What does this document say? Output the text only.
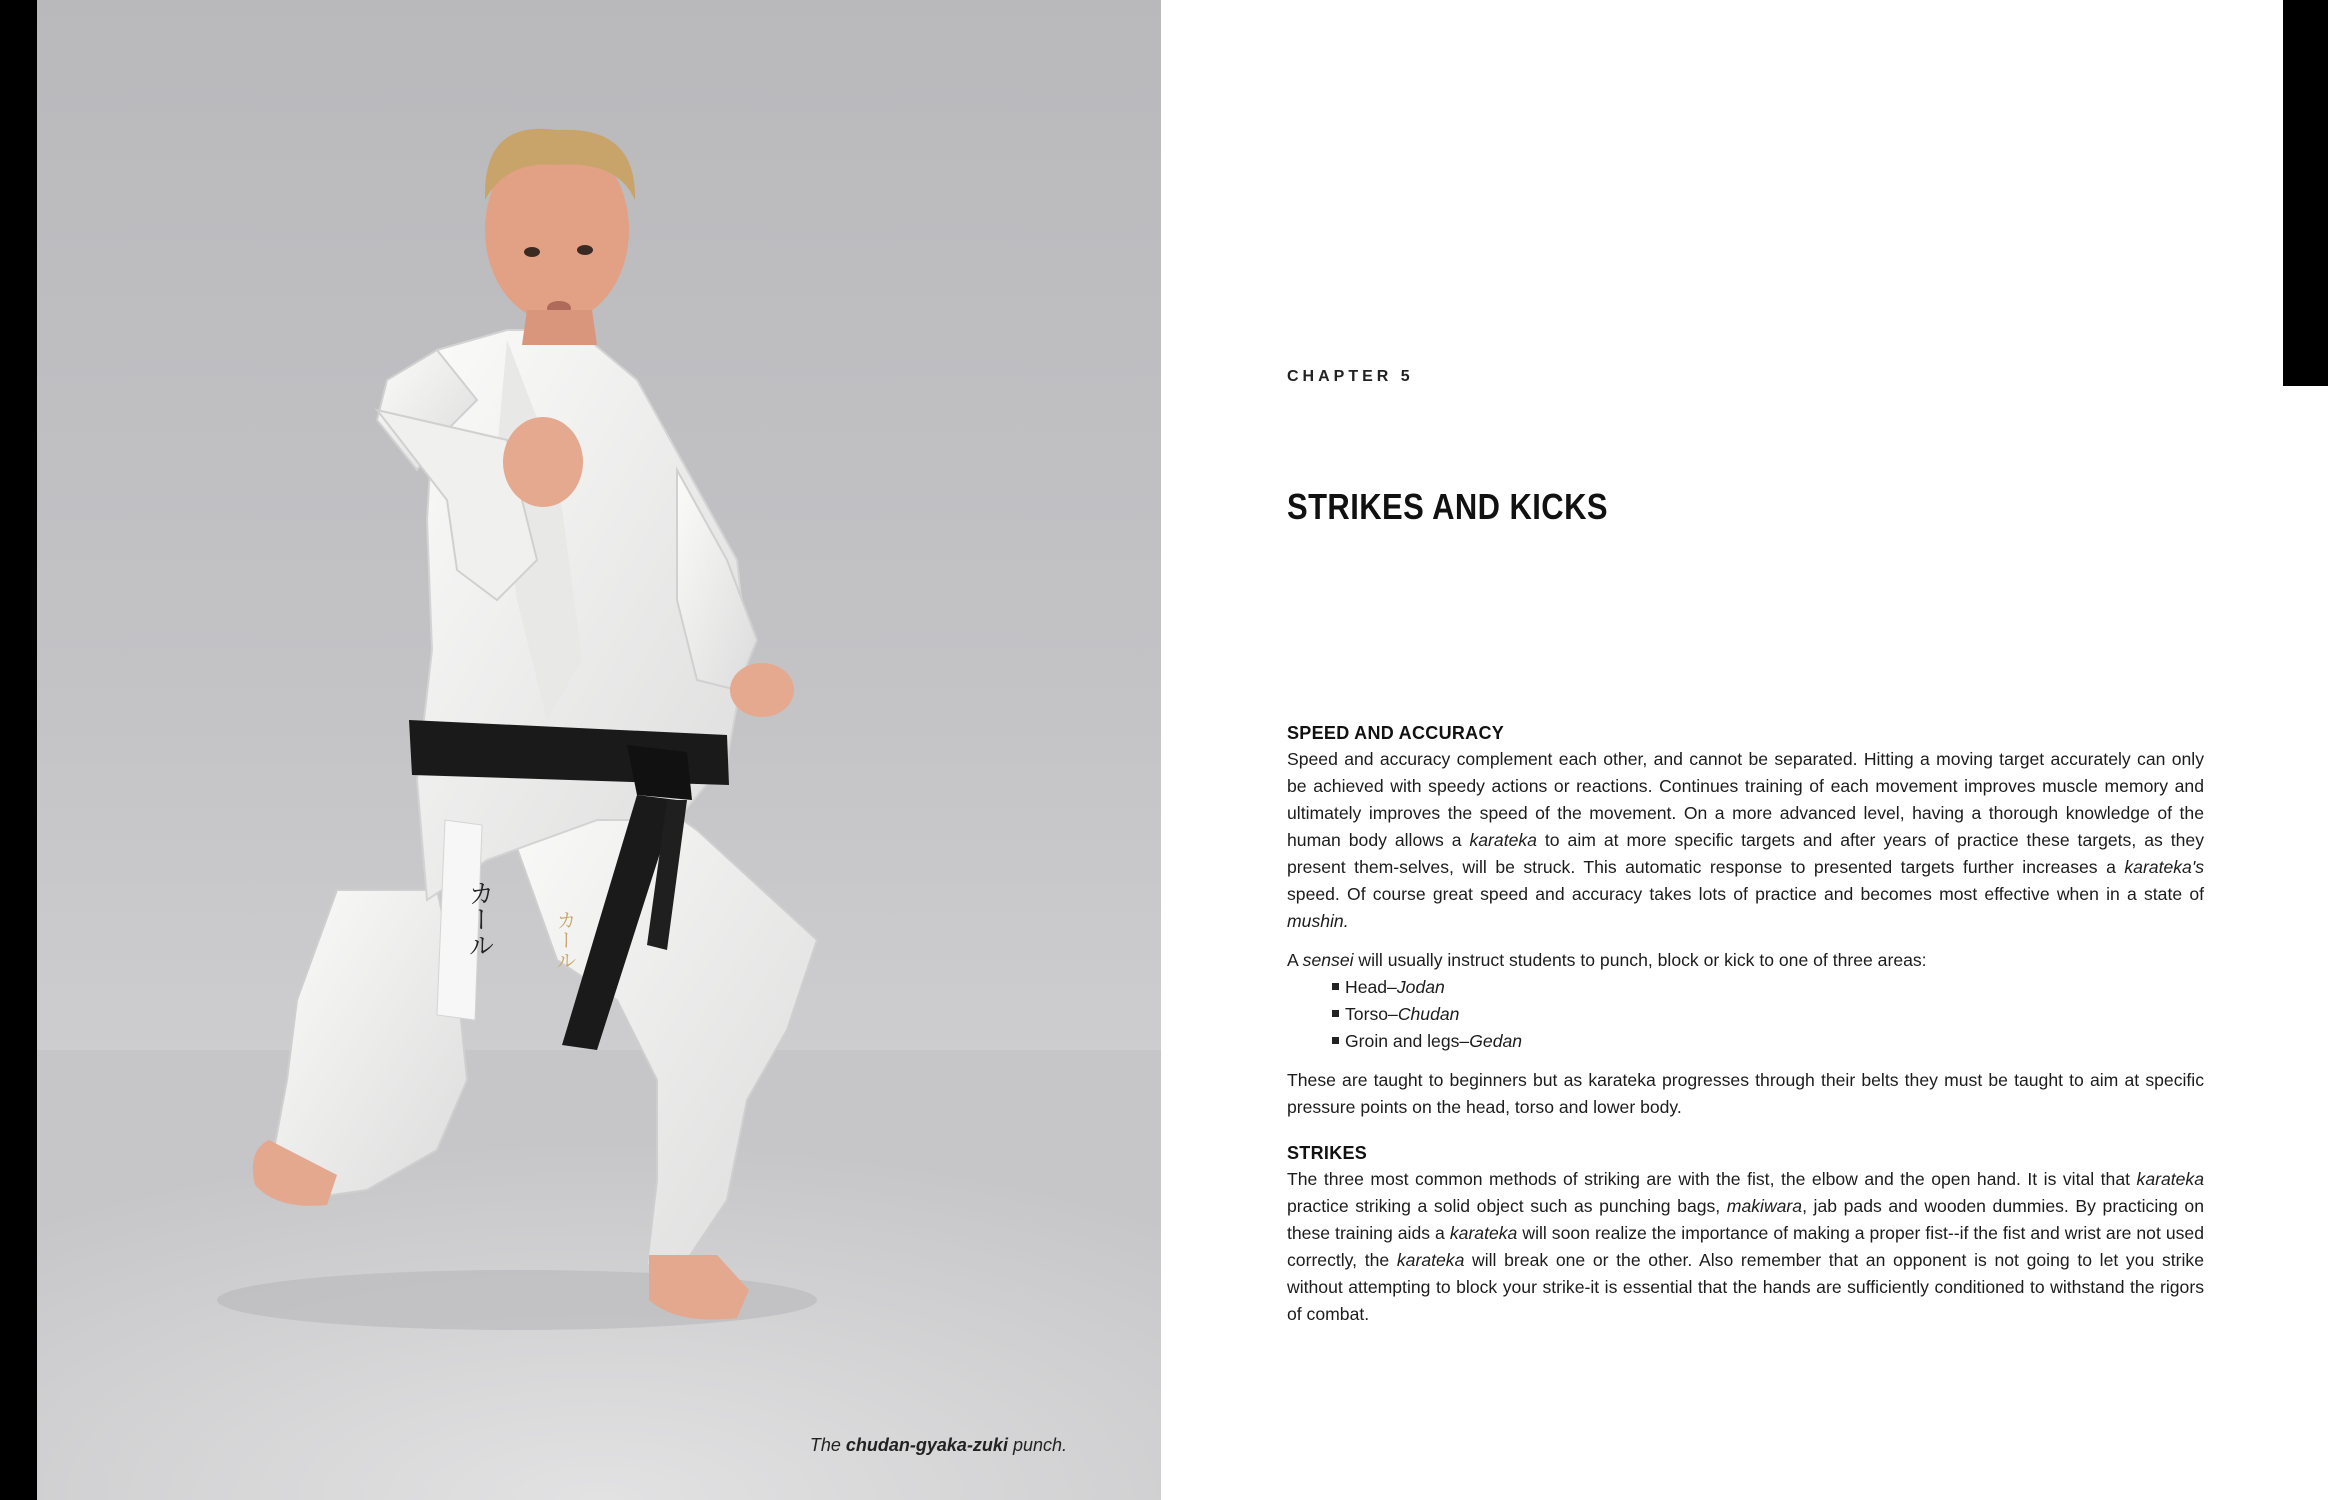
カール	カール
The chudan-gyaka-zuki punch.
CHAPTER 5
STRIKES AND KICKS
SPEED AND ACCURACY

Speed and accuracy complement each other, and cannot be separated. Hitting a moving target accurately can only be achieved with speedy actions or reactions. Continues training of each movement improves muscle memory and ultimately improves the speed of the movement. On a more advanced level, having a thorough knowledge of the human body allows a karateka to aim at more specific targets and after years of practice these targets, as they present them-selves, will be struck. This automatic response to presented targets further increases a karateka's speed. Of course great speed and accuracy takes lots of practice and becomes most effective when in a state of mushin.

A sensei will usually instruct students to punch, block or kick to one of three areas:

Head–Jodan
Torso–Chudan
Groin and legs–Gedan

These are taught to beginners but as karateka progresses through their belts they must be taught to aim at specific pressure points on the head, torso and lower body.

STRIKES

The three most common methods of striking are with the fist, the elbow and the open hand. It is vital that karateka practice striking a solid object such as punching bags, makiwara, jab pads and wooden dummies. By practicing on these training aids a karateka will soon realize the importance of making a proper fist--if the fist and wrist are not used correctly, the karateka will break one or the other. Also remember that an opponent is not going to let you strike without attempting to block your strike-it is essential that the hands are sufficiently conditioned to withstand the rigors of combat.
